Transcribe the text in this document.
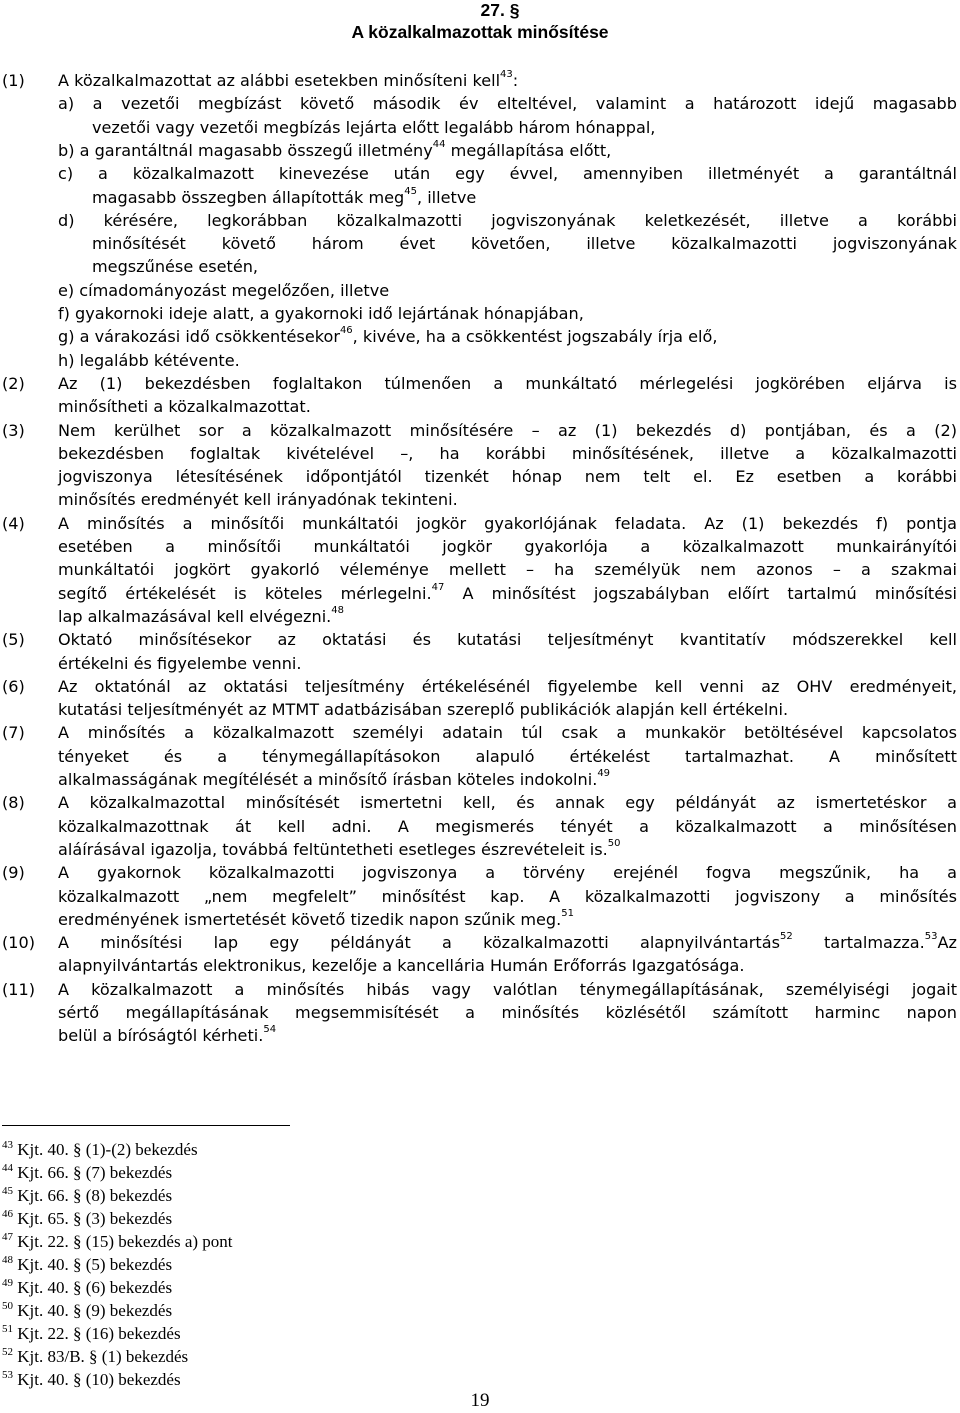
27. §

A közalkalmazottak minősítése

(1) A közalkalmazottat az alábbi esetekben minősíteni kell$^{43}$:

a) a vezetői megbízást követő második év elteltével, valamint a határozott idejű magasabb

vezetői vagy vezetői megbízás lejárta előtt legalább három hónappal,

b) a garantáltnál magasabb összegű illetmény$^{44}$ megállapítása előtt,

c) a közalkalmazott kinevezése után egy évvel, amennyiben illetményét a garantáltnál

magasabb összegben állapították meg$^{45}$, illetve

d) kérésére, legkorábban közalkalmazotti jogviszonyának keletkezését, illetve a korábbi

minősítését követő három évet követően, illetve közalkalmazotti jogviszonyának

megszűnése esetén,

e) címadományozást megelőzően, illetve

f) gyakornoki ideje alatt, a gyakornoki idő lejártának hónapjában,

g) a várakozási idő csökkentésekor$^{46}$, kivéve, ha a csökkentést jogszabály írja elő,

h) legalább kétévente.

(2) Az (1) bekezdésben foglaltakon túlmenően a munkáltató mérlegelési jogkörében eljárva is

minősítheti a közalkalmazottat.

(3) Nem kerülhet sor a közalkalmazott minősítésére – az (1) bekezdés d) pontjában, és a (2)

bekezdésben foglaltak kivételével –, ha korábbi minősítésének, illetve a közalkalmazotti

jogviszonya létesítésének időpontjától tizenkét hónap nem telt el. Ez esetben a korábbi

minősítés eredményét kell irányadónak tekinteni.

(4) A minősítés a minősítői munkáltatói jogkör gyakorlójának feladata. Az (1) bekezdés f) pontja

esetében a minősítői munkáltatói jogkör gyakorlója a közalkalmazott munkairányítói

munkáltatói jogkört gyakorló véleménye mellett – ha személyük nem azonos – a szakmai

segítő értékelését is köteles mérlegelni.$^{47}$ A minősítést jogszabályban előírt tartalmú minősítési

lap alkalmazásával kell elvégezni.$^{48}$

(5) Oktató minősítésekor az oktatási és kutatási teljesítményt kvantitatív módszerekkel kell

értékelni és figyelembe venni.

(6) Az oktatónál az oktatási teljesítmény értékelésénél figyelembe kell venni az OHV eredményeit,

kutatási teljesítményét az MTMT adatbázisában szereplő publikációk alapján kell értékelni.

(7) A minősítés a közalkalmazott személyi adatain túl csak a munkakör betöltésével kapcsolatos

tényeket és a ténymegállapításokon alapuló értékelést tartalmazhat. A minősített

alkalmasságának megítélését a minősítő írásban köteles indokolni.$^{49}$

(8) A közalkalmazottal minősítését ismertetni kell, és annak egy példányát az ismertetéskor a

közalkalmazottnak át kell adni. A megismerés tényét a közalkalmazott a minősítésen

aláírásával igazolja, továbbá feltüntetheti esetleges észrevételeit is.$^{50}$

(9) A gyakornok közalkalmazotti jogviszonya a törvény erejénél fogva megszűnik, ha a

közalkalmazott „nem megfelelt” minősítést kap. A közalkalmazotti jogviszony a minősítés

eredményének ismertetését követő tizedik napon szűnik meg.$^{51}$

(10) A minősítési lap egy példányát a közalkalmazotti alapnyilvántartás$^{52}$ tartalmazza.$^{53}$Az

alapnyilvántartás elektronikus, kezelője a kancellária Humán Erőforrás Igazgatósága.

(11) A közalkalmazott a minősítés hibás vagy valótlan ténymegállapításának, személyiségi jogait

sértő megállapításának megsemmisítését a minősítés közlésétől számított harminc napon

belül a bíróságtól kérheti.$^{54}$

$^{43}$ Kjt. 40. § (1)-(2) bekezdés

$^{44}$ Kjt. 66. § (7) bekezdés

$^{45}$ Kjt. 66. § (8) bekezdés

$^{46}$ Kjt. 65. § (3) bekezdés

$^{47}$ Kjt. 22. § (15) bekezdés a) pont

$^{48}$ Kjt. 40. § (5) bekezdés

$^{49}$ Kjt. 40. § (6) bekezdés

$^{50}$ Kjt. 40. § (9) bekezdés

$^{51}$ Kjt. 22. § (16) bekezdés

$^{52}$ Kjt. 83/B. § (1) bekezdés

$^{53}$ Kjt. 40. § (10) bekezdés

19
